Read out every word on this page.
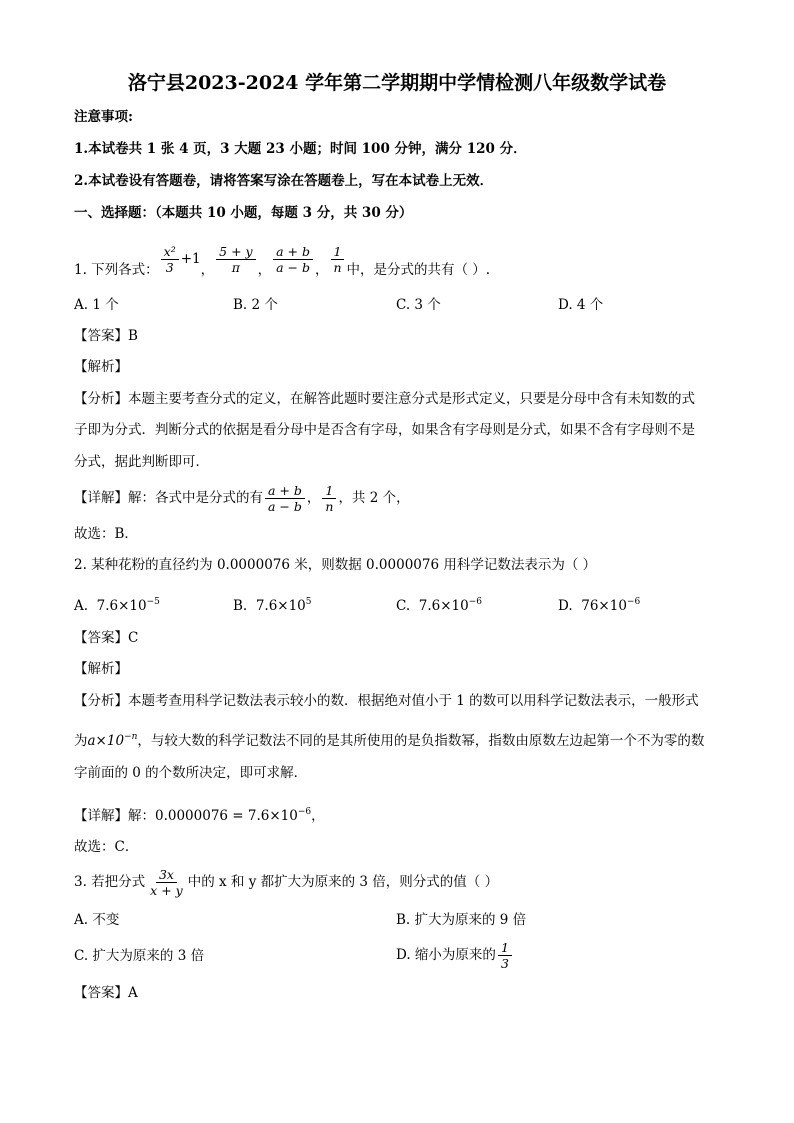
洛宁县2023-2024 学年第二学期期中学情检测八年级数学试卷
注意事项:
1.本试卷共 1 张 4 页，3 大题 23 小题；时间 100 分钟，满分 120 分．
2.本试卷设有答题卷，请将答案写涂在答题卷上，写在本试卷上无效．
一、选择题：（本题共 10 小题，每题 3 分，共 30 分）
1. 下列各式： $\frac{\text{x²}}{3} +1$， $\frac{5 + y}{\pi}$ ， $\frac{a + b}{a - b}$ ， $\frac{1}{n}$ 中，是分式的共有（ ）.
A. 1 个	B. 2 个	C. 3 个	D. 4 个
【答案】B
【解析】
【分析】本题主要考查分式的定义，在解答此题时要注意分式是形式定义，只要是分母中含有未知数的式
子即为分式．判断分式的依据是看分母中是否含有字母，如果含有字母则是分式，如果不含有字母则不是
分式，据此判断即可．
【详解】解：各式中是分式的有 $\frac{a + b}{a - b}$ ， $\frac{1}{n}$ ，共 2 个，
故选：B．
2. 某种花粉的直径约为 0.0000076 米，则数据 0.0000076 用科学记数法表示为（ ）
A. $7.6\times 10^{-5}$	B. $7.6\times 10^5$	C. $7.6\times 10^{-6}$	D. $76\times 10^{-6}$
【答案】C
【解析】
【分析】本题考查用科学记数法表示较小的数．根据绝对值小于 1 的数可以用科学记数法表示，一般形式
为$a\times 10^{-n}$，与较大数的科学记数法不同的是其所使用的是负指数幂，指数由原数左边起第一个不为零的数
字前面的 0 的个数所决定，即可求解．
【详解】解：$0.0000076 = 7.6\times 10^{-6}$，
故选：C．
3. 若把分式 $\frac{3x}{x + y}$ 中的 x 和 y 都扩大为原来的 3 倍，则分式的值（ ）
A. 不变	B. 扩大为原来的 9 倍
C. 扩大为原来的 3 倍	D. 缩小为原来的 $\frac{1}{3}$
【答案】A
